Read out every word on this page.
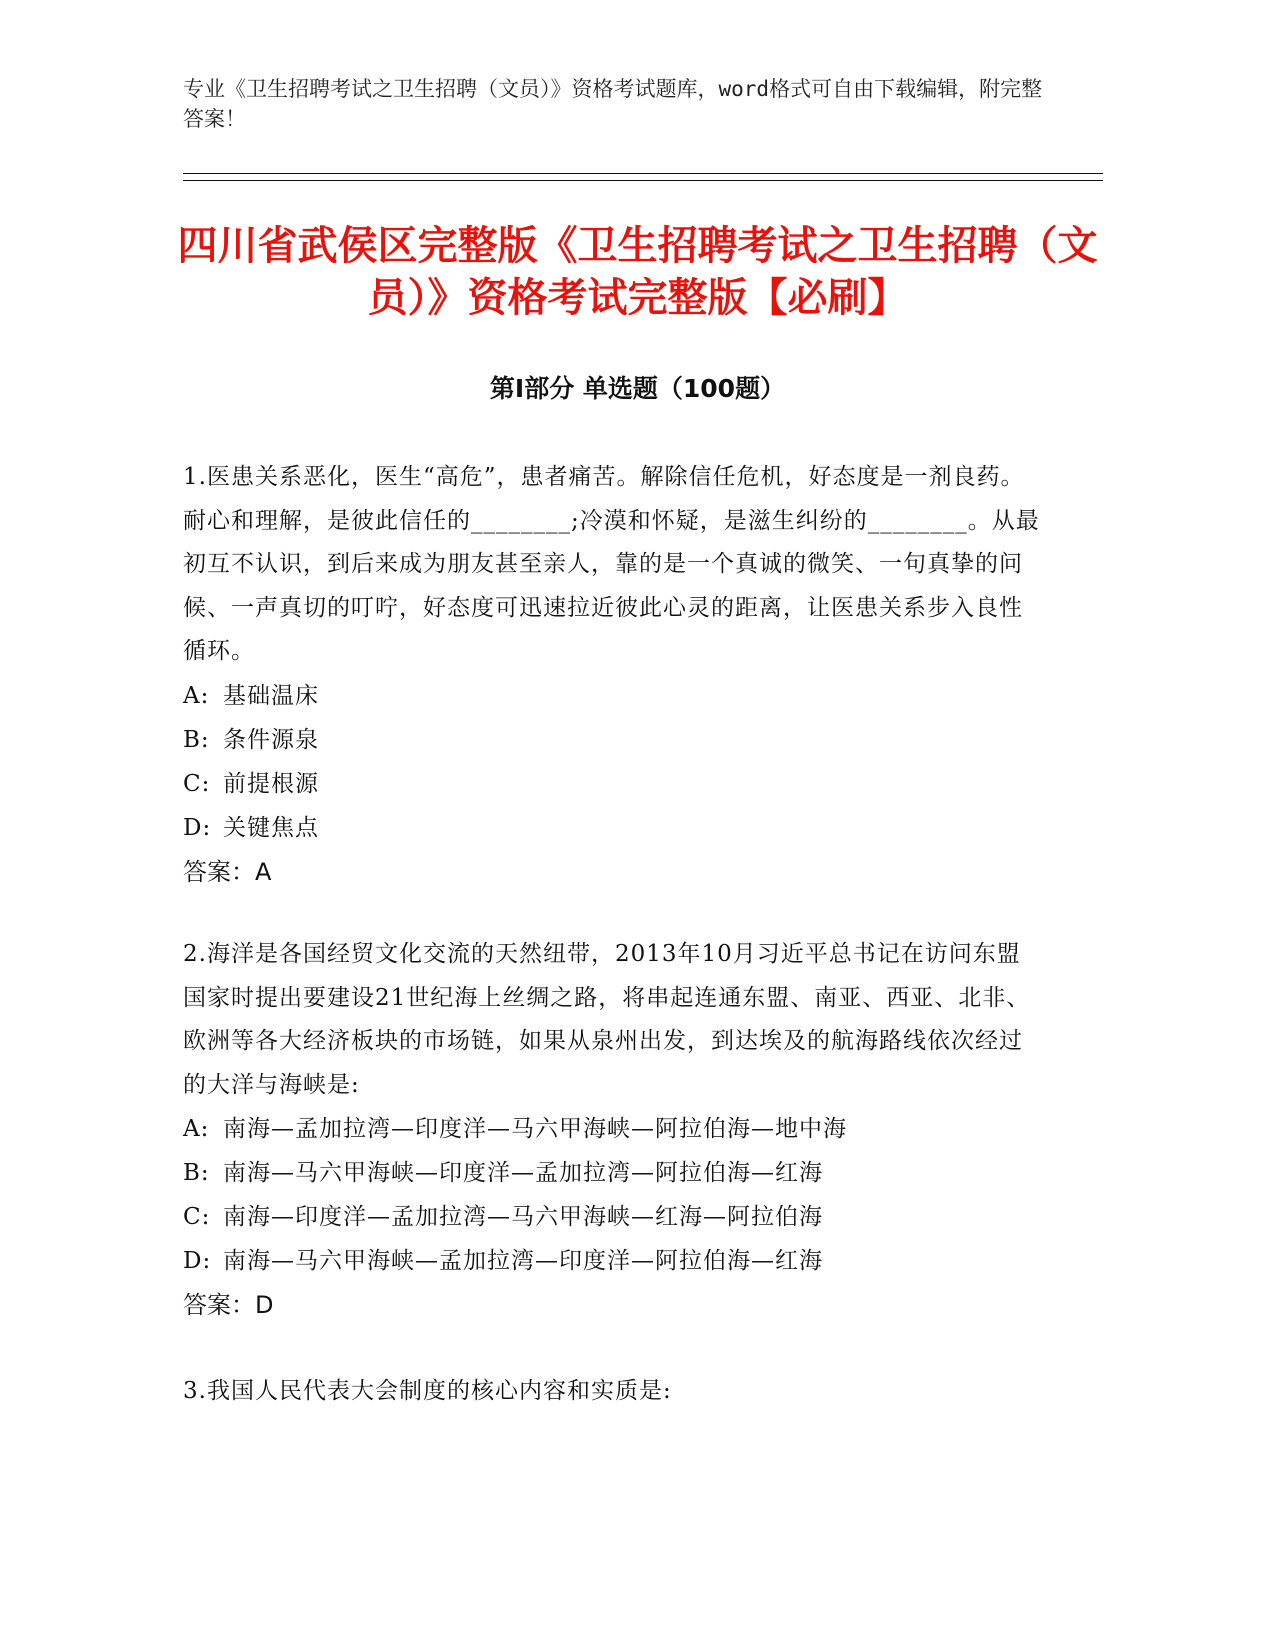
专业《卫生招聘考试之卫生招聘（文员）》资格考试题库，word格式可自由下载编辑，附完整答案！
四川省武侯区完整版《卫生招聘考试之卫生招聘（文员）》资格考试完整版【必刷】
第Ⅰ部分 单选题（100题）

1.医患关系恶化，医生“高危”，患者痛苦。解除信任危机，好态度是一剂良药。耐心和理解，是彼此信任的________;冷漠和怀疑，是滋生纠纷的________。从最初互不认识，到后来成为朋友甚至亲人，靠的是一个真诚的微笑、一句真挚的问候、一声真切的叮咛，好态度可迅速拉近彼此心灵的距离，让医患关系步入良性循环。

A: 基础温床

B: 条件源泉

C: 前提根源

D: 关键焦点

答案：A

2.海洋是各国经贸文化交流的天然纽带，2013年10月习近平总书记在访问东盟国家时提出要建设21世纪海上丝绸之路，将串起连通东盟、南亚、西亚、北非、欧洲等各大经济板块的市场链，如果从泉州出发，到达埃及的航海路线依次经过的大洋与海峡是:

A: 南海—孟加拉湾—印度洋—马六甲海峡—阿拉伯海—地中海

B: 南海—马六甲海峡—印度洋—孟加拉湾—阿拉伯海—红海

C: 南海—印度洋—孟加拉湾—马六甲海峡—红海—阿拉伯海

D: 南海—马六甲海峡—孟加拉湾—印度洋—阿拉伯海—红海

答案：D

3.我国人民代表大会制度的核心内容和实质是:
